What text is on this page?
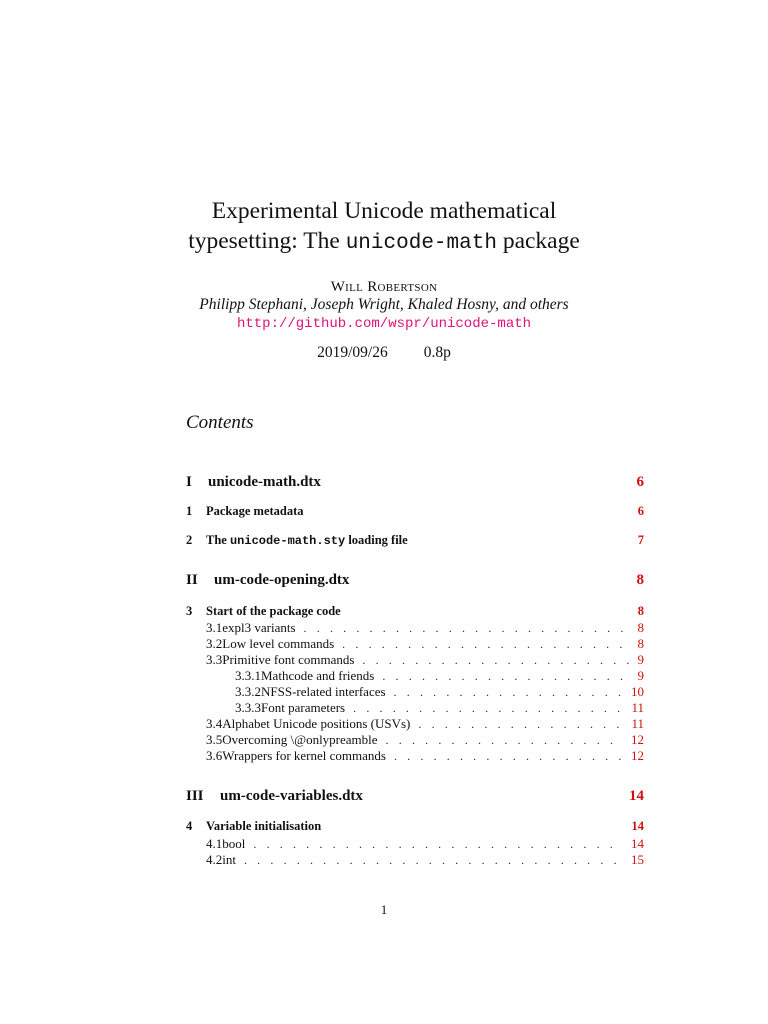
Experimental Unicode mathematical
typesetting: The unicode-math package
Will Robertson
Philipp Stephani, Joseph Wright, Khaled Hosny, and others
http://github.com/wspr/unicode-math
2019/09/26 0.8p
Contents
I	unicode-math.dtx	6
1	Package metadata	6
2	The unicode-math.sty loading file	7
II	um-code-opening.dtx	8
3	Start of the package code	8
3.1 expl3 variants . . .	8
3.2 Low level commands . . .	8
3.3 Primitive font commands . . .	9
3.3.1 Mathcode and friends . . .	9
3.3.2 NFSS-related interfaces . . .	10
3.3.3 Font parameters . . .	11
3.4 Alphabet Unicode positions (USVs) . . .	11
3.5 Overcoming \@onlypreamble . . .	12
3.6 Wrappers for kernel commands . . .	12
III	um-code-variables.dtx	14
4	Variable initialisation	14
4.1 bool . . .	14
4.2 int . . .	15
1
